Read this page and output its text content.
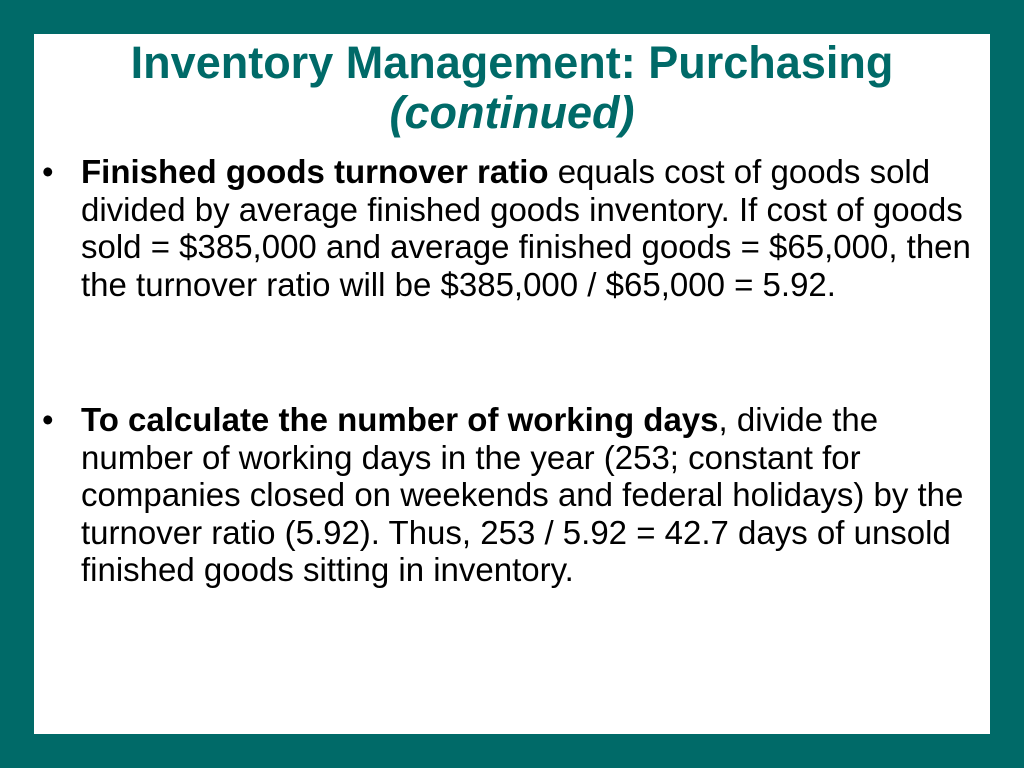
Inventory Management: Purchasing
(continued)
• Finished goods turnover ratio equals cost of goods sold divided by average finished goods inventory. If cost of goods sold = $385,000 and average finished goods = $65,000, then the turnover ratio will be $385,000 / $65,000 = 5.92.
• To calculate the number of working days, divide the number of working days in the year (253; constant for companies closed on weekends and federal holidays) by the turnover ratio (5.92). Thus, 253 / 5.92 = 42.7 days of unsold finished goods sitting in inventory.
